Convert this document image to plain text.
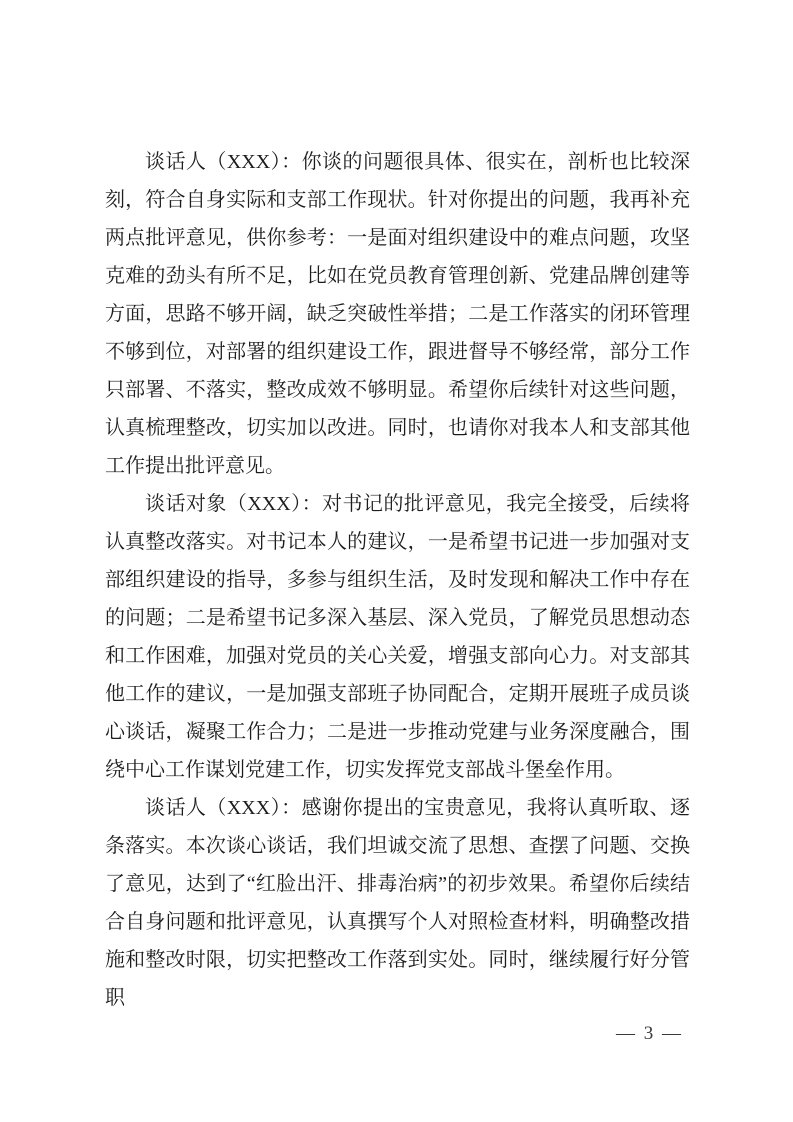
谈话人（XXX）：你谈的问题很具体、很实在，剖析也比较深刻，符合自身实际和支部工作现状。针对你提出的问题，我再补充两点批评意见，供你参考：一是面对组织建设中的难点问题，攻坚克难的劲头有所不足，比如在党员教育管理创新、党建品牌创建等方面，思路不够开阔，缺乏突破性举措；二是工作落实的闭环管理不够到位，对部署的组织建设工作，跟进督导不够经常，部分工作只部署、不落实，整改成效不够明显。希望你后续针对这些问题，认真梳理整改，切实加以改进。同时，也请你对我本人和支部其他工作提出批评意见。

谈话对象（XXX）：对书记的批评意见，我完全接受，后续将认真整改落实。对书记本人的建议，一是希望书记进一步加强对支部组织建设的指导，多参与组织生活，及时发现和解决工作中存在的问题；二是希望书记多深入基层、深入党员，了解党员思想动态和工作困难，加强对党员的关心关爱，增强支部向心力。对支部其他工作的建议，一是加强支部班子协同配合，定期开展班子成员谈心谈话，凝聚工作合力；二是进一步推动党建与业务深度融合，围绕中心工作谋划党建工作，切实发挥党支部战斗堡垒作用。

谈话人（XXX）：感谢你提出的宝贵意见，我将认真听取、逐条落实。本次谈心谈话，我们坦诚交流了思想、查摆了问题、交换了意见，达到了“红脸出汗、排毒治病”的初步效果。希望你后续结合自身问题和批评意见，认真撰写个人对照检查材料，明确整改措施和整改时限，切实把整改工作落到实处。同时，继续履行好分管职

— 3 —
